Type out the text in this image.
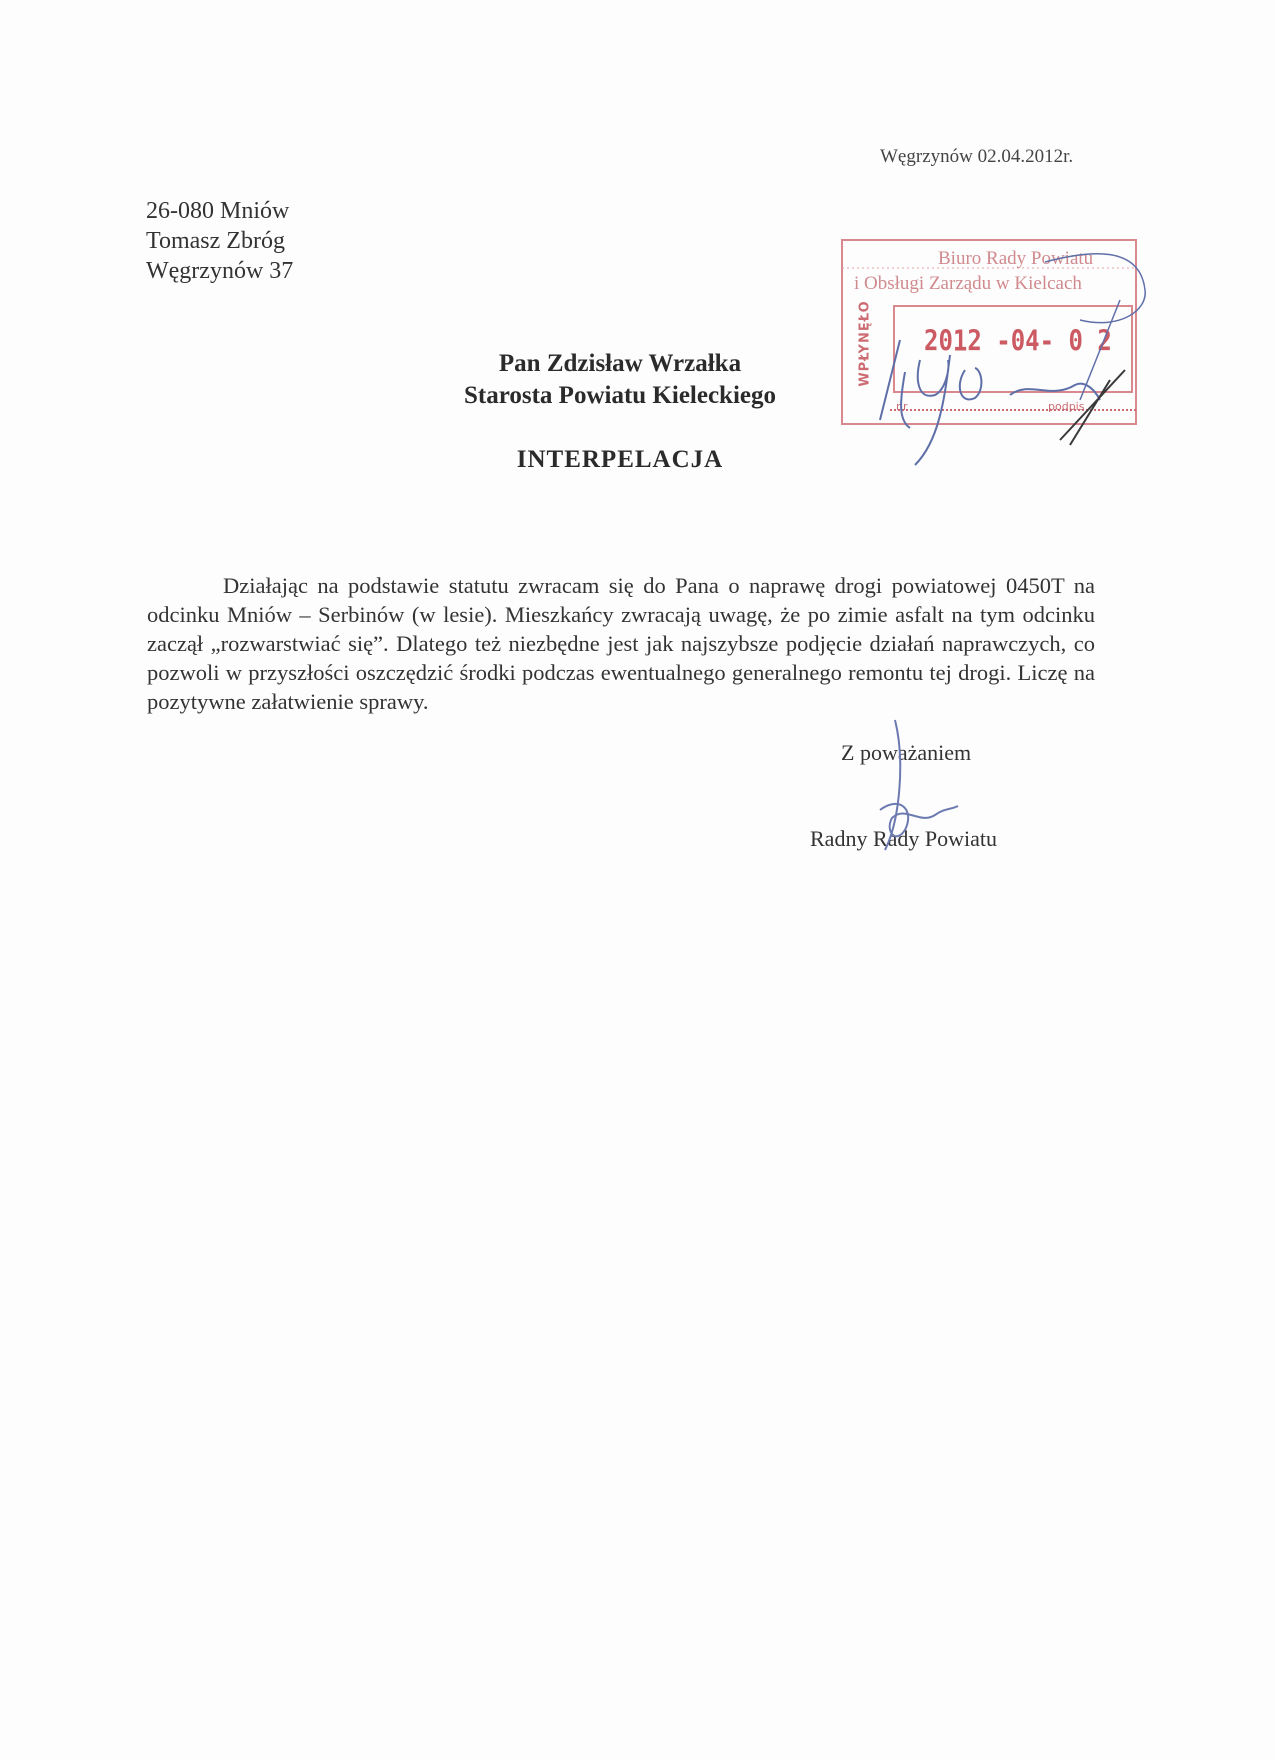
Węgrzynów 02.04.2012r.
26-080 Mniów
Tomasz Zbróg
Węgrzynów 37
Pan Zdzisław Wrzałka
Starosta Powiatu Kieleckiego
INTERPELACJA
Działając na podstawie statutu zwracam się do Pana o naprawę drogi powiatowej 0450T na odcinku Mniów – Serbinów (w lesie). Mieszkańcy zwracają uwagę, że po zimie asfalt na tym odcinku zaczął „rozwarstwiać się”. Dlatego też niezbędne jest jak najszybsze podjęcie działań naprawczych, co pozwoli w przyszłości oszczędzić środki podczas ewentualnego generalnego remontu tej drogi. Liczę na pozytywne załatwienie sprawy.
Z poważaniem
Radny Rady Powiatu
Biuro Rady Powiatu
i Obsługi Zarządu w Kielcach
WPŁYNĘŁO 2012 -04- 0 2
nr	podpis
